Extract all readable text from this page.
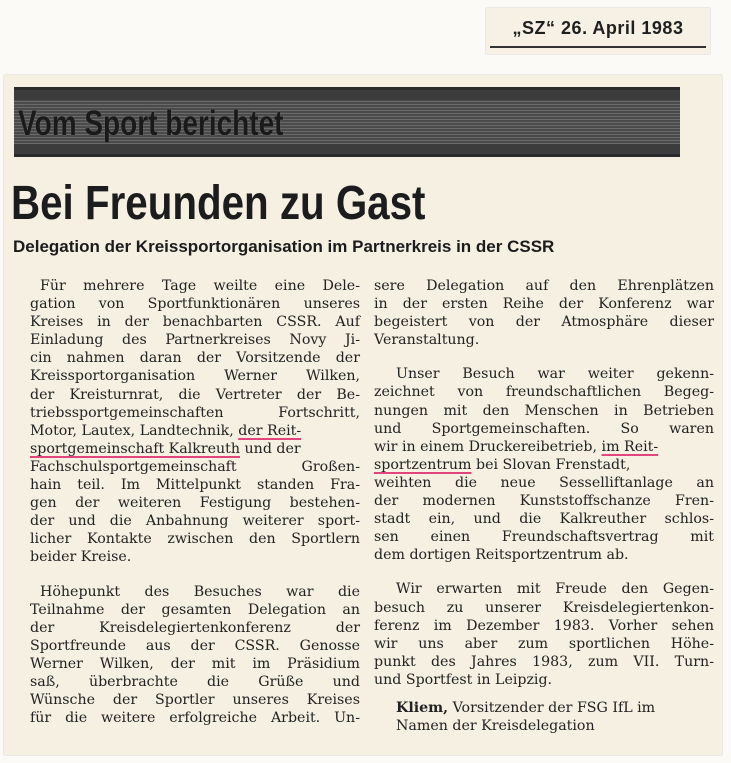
„SZ“ 26. April 1983
Vom Sport berichtet
Bei Freunden zu Gast
Delegation der Kreissportorganisation im Partnerkreis in der CSSR

Für mehrere Tage weilte eine Dele-
gation von Sportfunktionären unseres
Kreises in der benachbarten CSSR. Auf
Einladung des Partnerkreises Novy Ji-
cin nahmen daran der Vorsitzende der
Kreissportorganisation Werner Wilken,
der Kreisturnrat, die Vertreter der Be-
triebssportgemeinschaften Fortschritt,
Motor, Lautex, Landtechnik, der Reit-
sportgemeinschaft Kalkreuth und der
Fachschulsportgemeinschaft Großen-
hain teil. Im Mittelpunkt standen Fra-
gen der weiteren Festigung bestehen-
der und die Anbahnung weiterer sport-
licher Kontakte zwischen den Sportlern
beider Kreise.

Höhepunkt des Besuches war die
Teilnahme der gesamten Delegation an
der Kreisdelegiertenkonferenz der
Sportfreunde aus der CSSR. Genosse
Werner Wilken, der mit im Präsidium
saß, überbrachte die Grüße und
Wünsche der Sportler unseres Kreises
für die weitere erfolgreiche Arbeit. Un-

sere Delegation auf den Ehrenplätzen
in der ersten Reihe der Konferenz war
begeistert von der Atmosphäre dieser
Veranstaltung.

Unser Besuch war weiter gekenn-
zeichnet von freundschaftlichen Begeg-
nungen mit den Menschen in Betrieben
und Sportgemeinschaften. So waren
wir in einem Druckereibetrieb, im Reit-
sportzentrum bei Slovan Frenstadt,
weihten die neue Sesselliftanlage an
der modernen Kunststoffschanze Fren-
stadt ein, und die Kalkreuther schlos-
sen einen Freundschaftsvertrag mit
dem dortigen Reitsportzentrum ab.

Wir erwarten mit Freude den Gegen-
besuch zu unserer Kreisdelegiertenkon-
ferenz im Dezember 1983. Vorher sehen
wir uns aber zum sportlichen Höhe-
punkt des Jahres 1983, zum VII. Turn-
und Sportfest in Leipzig.

Kliem, Vorsitzender der FSG IfL im
Namen der Kreisdelegation
